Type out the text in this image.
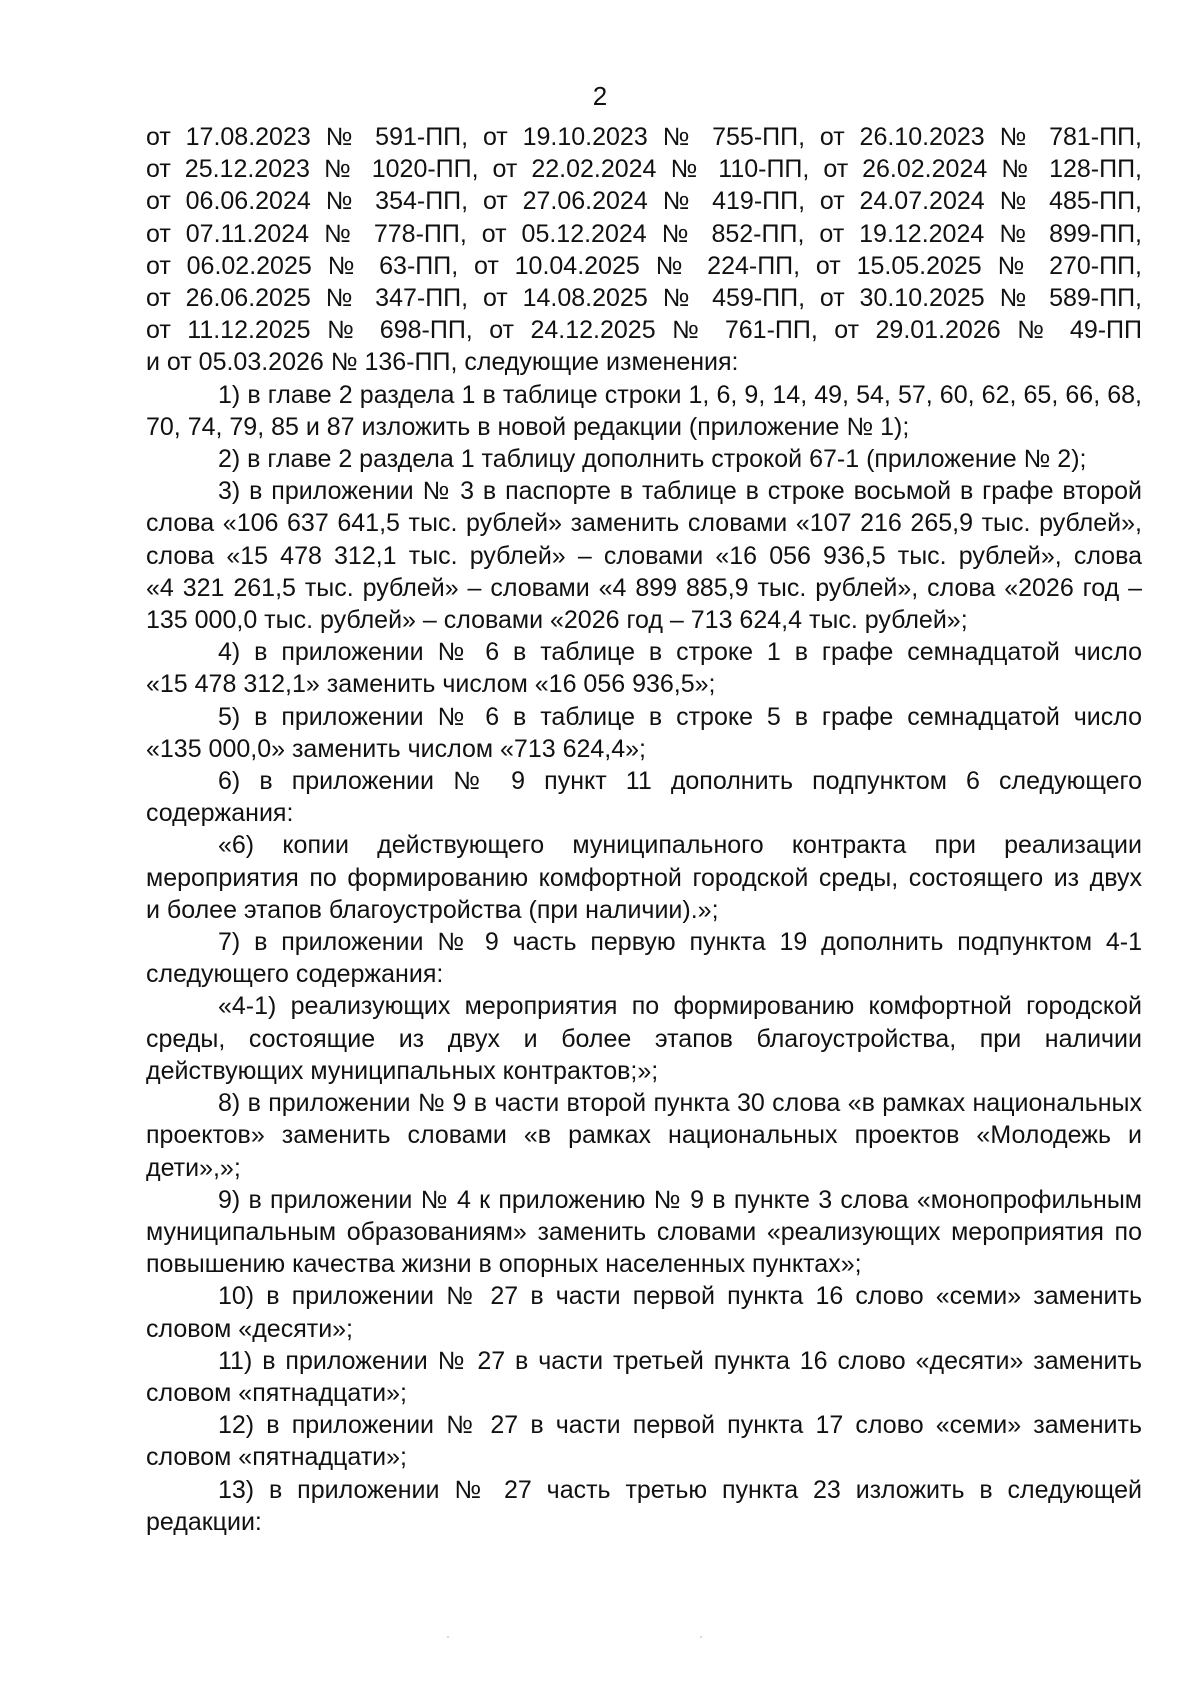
2
от 17.08.2023 № 591-ПП, от 19.10.2023 № 755-ПП, от 26.10.2023 № 781-ПП,
от 25.12.2023 № 1020-ПП, от 22.02.2024 № 110-ПП, от 26.02.2024 № 128-ПП,
от 06.06.2024 № 354-ПП, от 27.06.2024 № 419-ПП, от 24.07.2024 № 485-ПП,
от 07.11.2024 № 778-ПП, от 05.12.2024 № 852-ПП, от 19.12.2024 № 899-ПП,
от 06.02.2025 № 63-ПП, от 10.04.2025 № 224-ПП, от 15.05.2025 № 270-ПП,
от 26.06.2025 № 347-ПП, от 14.08.2025 № 459-ПП, от 30.10.2025 № 589-ПП,
от 11.12.2025 № 698-ПП, от 24.12.2025 № 761-ПП, от 29.01.2026 № 49-ПП
и от 05.03.2026 № 136-ПП, следующие изменения:
1) в главе 2 раздела 1 в таблице строки 1, 6, 9, 14, 49, 54, 57, 60, 62, 65, 66, 68,
70, 74, 79, 85 и 87 изложить в новой редакции (приложение № 1);
2) в главе 2 раздела 1 таблицу дополнить строкой 67-1 (приложение № 2);
3) в приложении № 3 в паспорте в таблице в строке восьмой в графе второй
слова «106 637 641,5 тыс. рублей» заменить словами «107 216 265,9 тыс. рублей»,
слова «15 478 312,1 тыс. рублей» – словами «16 056 936,5 тыс. рублей», слова
«4 321 261,5 тыс. рублей» – словами «4 899 885,9 тыс. рублей», слова «2026 год –
135 000,0 тыс. рублей» – словами «2026 год – 713 624,4 тыс. рублей»;
4) в приложении № 6 в таблице в строке 1 в графе семнадцатой число
«15 478 312,1» заменить числом «16 056 936,5»;
5) в приложении № 6 в таблице в строке 5 в графе семнадцатой число
«135 000,0» заменить числом «713 624,4»;
6) в приложении № 9 пункт 11 дополнить подпунктом 6 следующего
содержания:
«6) копии действующего муниципального контракта при реализации
мероприятия по формированию комфортной городской среды, состоящего из двух
и более этапов благоустройства (при наличии).»;
7) в приложении № 9 часть первую пункта 19 дополнить подпунктом 4-1
следующего содержания:
«4-1) реализующих мероприятия по формированию комфортной городской
среды, состоящие из двух и более этапов благоустройства, при наличии
действующих муниципальных контрактов;»;
8) в приложении № 9 в части второй пункта 30 слова «в рамках национальных
проектов» заменить словами «в рамках национальных проектов «Молодежь и
дети»,»;
9) в приложении № 4 к приложению № 9 в пункте 3 слова «монопрофильным
муниципальным образованиям» заменить словами «реализующих мероприятия по
повышению качества жизни в опорных населенных пунктах»;
10) в приложении № 27 в части первой пункта 16 слово «семи» заменить
словом «десяти»;
11) в приложении № 27 в части третьей пункта 16 слово «десяти» заменить
словом «пятнадцати»;
12) в приложении № 27 в части первой пункта 17 слово «семи» заменить
словом «пятнадцати»;
13) в приложении № 27 часть третью пункта 23 изложить в следующей
редакции:
